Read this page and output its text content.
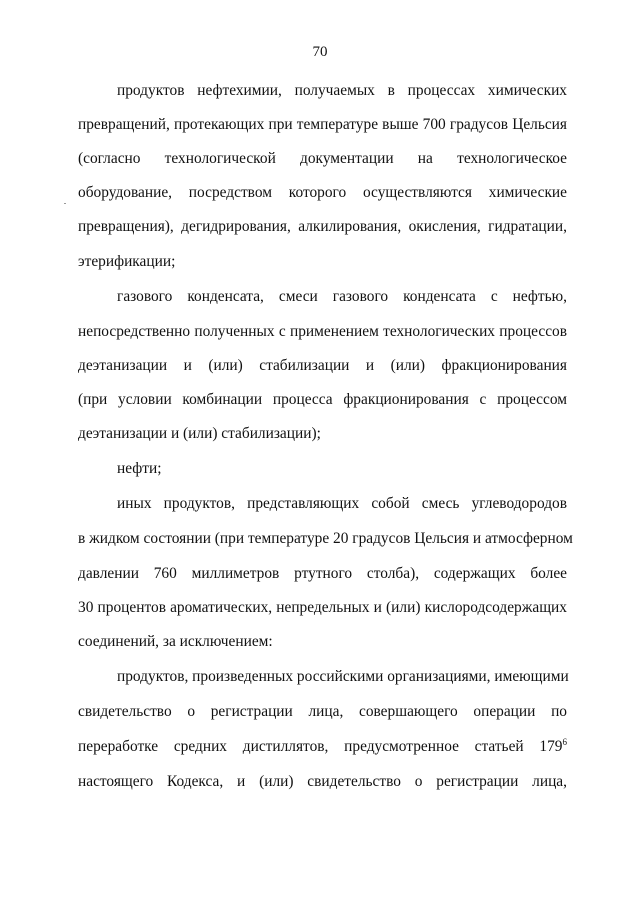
70
продуктов нефтехимии, получаемых в процессах химических
превращений, протекающих при температуре выше 700 градусов Цельсия
(согласно технологической документации на технологическое
оборудование, посредством которого осуществляются химические
превращения), дегидрирования, алкилирования, окисления, гидратации,
этерификации;
газового конденсата, смеси газового конденсата с нефтью,
непосредственно полученных с применением технологических процессов
деэтанизации и (или) стабилизации и (или) фракционирования
(при условии комбинации процесса фракционирования с процессом
деэтанизации и (или) стабилизации);
нефти;
иных продуктов, представляющих собой смесь углеводородов
в жидком состоянии (при температуре 20 градусов Цельсия и атмосферном
давлении 760 миллиметров ртутного столба), содержащих более
30 процентов ароматических, непредельных и (или) кислородсодержащих
соединений, за исключением:
продуктов, произведенных российскими организациями, имеющими
свидетельство о регистрации лица, совершающего операции по
переработке средних дистиллятов, предусмотренное статьей $179^6$
настоящего Кодекса, и (или) свидетельство о регистрации лица,
